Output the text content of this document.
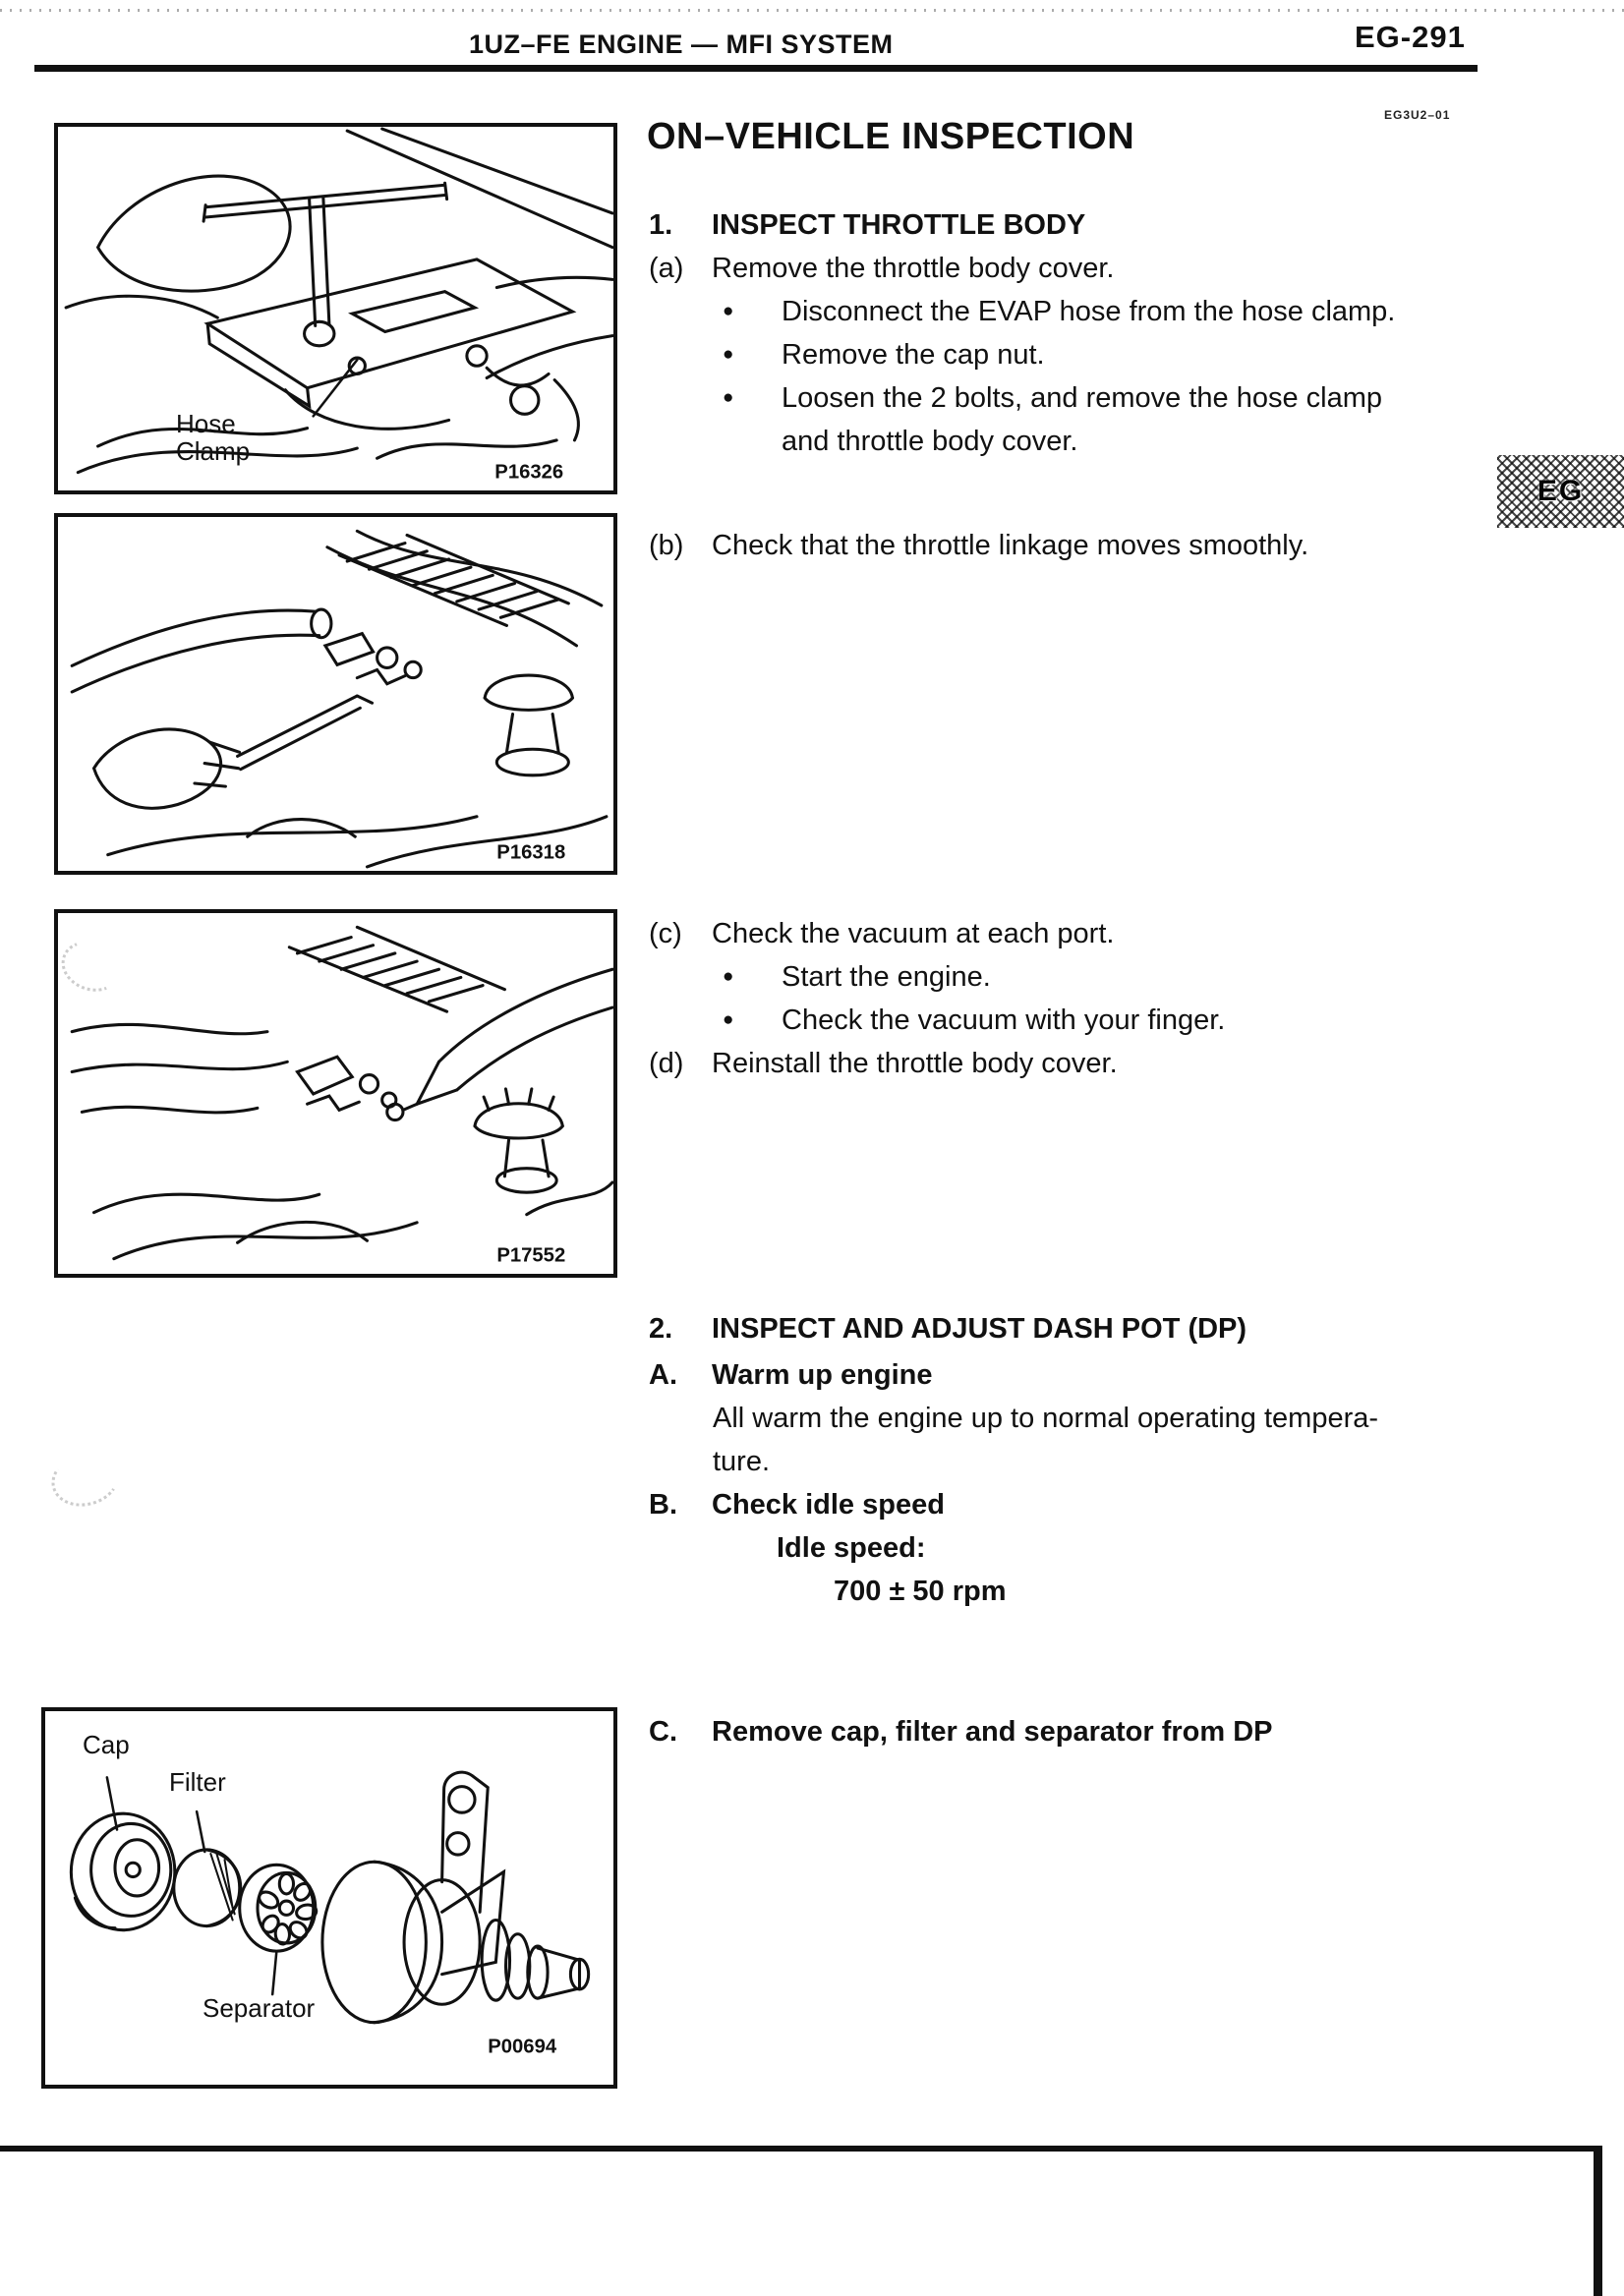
1UZ–FE ENGINE — MFI SYSTEM	EG-291
EG3U2–01
ON–VEHICLE INSPECTION
EG
P16326
Hose Clamp
P16318
P17552
P00694
Cap
Filter
Separator
1.	INSPECT THROTTLE BODY
(a) Remove the throttle body cover.
●	Disconnect the EVAP hose from the hose clamp.
●	Remove the cap nut.
●	Loosen the 2 bolts, and remove the hose clamp
and throttle body cover.
(b) Check that the throttle linkage moves smoothly.
(c)	Check the vacuum at each port.
●	Start the engine.
●	Check the vacuum with your finger.
(d) Reinstall the throttle body cover.
2.	INSPECT AND ADJUST DASH POT (DP)
A.	Warm up engine
All warm the engine up to normal operating tempera-
ture.
B.	Check idle speed
Idle speed:
700 ± 50 rpm
C.	Remove cap, filter and separator from DP
